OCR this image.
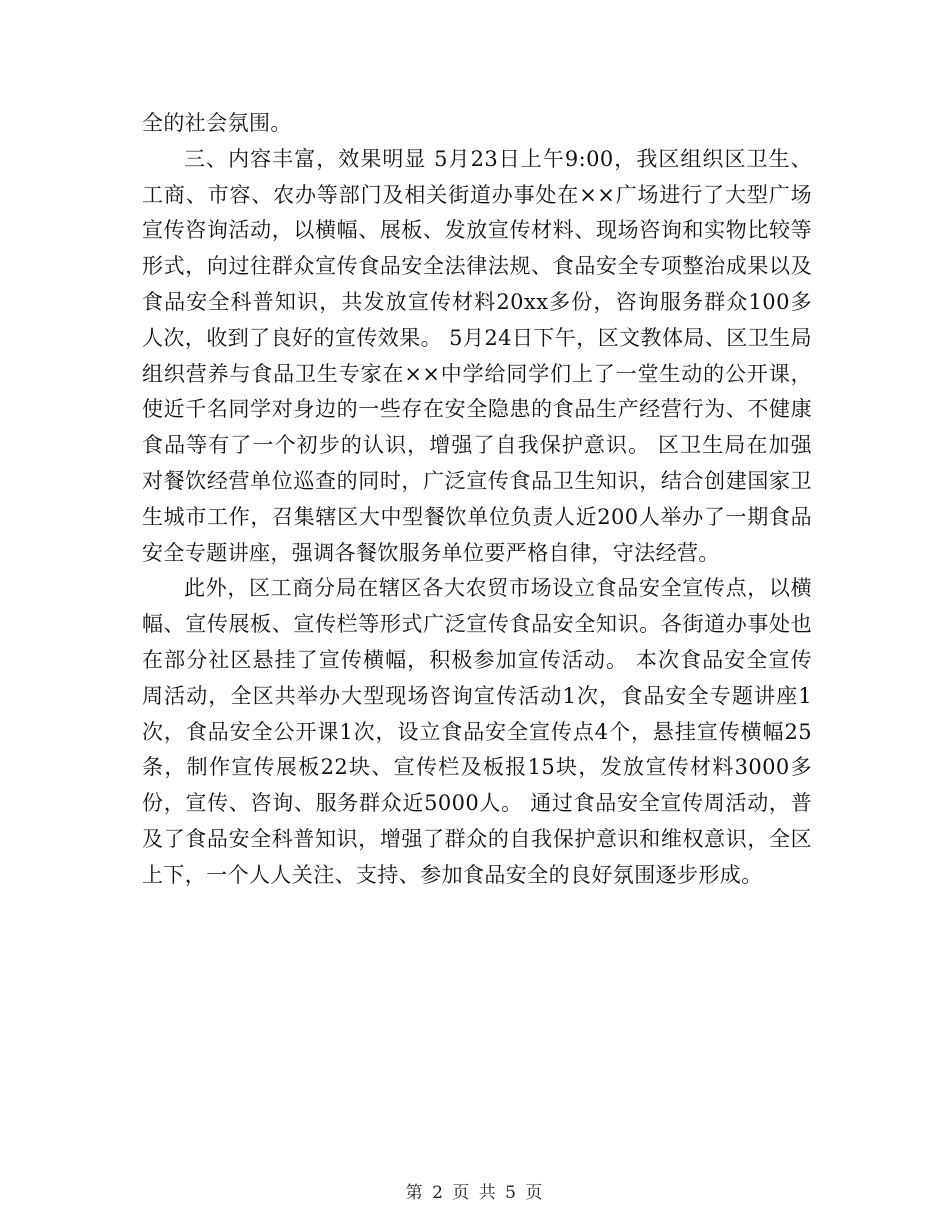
全的社会氛围。

三、内容丰富，效果明显 5月23日上午9:00，我区组织区卫生、工商、市容、农办等部门及相关街道办事处在××广场进行了大型广场宣传咨询活动，以横幅、展板、发放宣传材料、现场咨询和实物比较等形式，向过往群众宣传食品安全法律法规、食品安全专项整治成果以及食品安全科普知识，共发放宣传材料20xx多份，咨询服务群众100多人次，收到了良好的宣传效果。 5月24日下午，区文教体局、区卫生局组织营养与食品卫生专家在××中学给同学们上了一堂生动的公开课，使近千名同学对身边的一些存在安全隐患的食品生产经营行为、不健康食品等有了一个初步的认识，增强了自我保护意识。 区卫生局在加强对餐饮经营单位巡查的同时，广泛宣传食品卫生知识，结合创建国家卫生城市工作，召集辖区大中型餐饮单位负责人近200人举办了一期食品安全专题讲座，强调各餐饮服务单位要严格自律，守法经营。

此外，区工商分局在辖区各大农贸市场设立食品安全宣传点，以横幅、宣传展板、宣传栏等形式广泛宣传食品安全知识。各街道办事处也在部分社区悬挂了宣传横幅，积极参加宣传活动。 本次食品安全宣传周活动，全区共举办大型现场咨询宣传活动1次，食品安全专题讲座1次，食品安全公开课1次，设立食品安全宣传点4个，悬挂宣传横幅25条，制作宣传展板22块、宣传栏及板报15块，发放宣传材料3000多份，宣传、咨询、服务群众近5000人。 通过食品安全宣传周活动，普及了食品安全科普知识，增强了群众的自我保护意识和维权意识，全区上下，一个人人关注、支持、参加食品安全的良好氛围逐步形成。

第 2 页 共 5 页
